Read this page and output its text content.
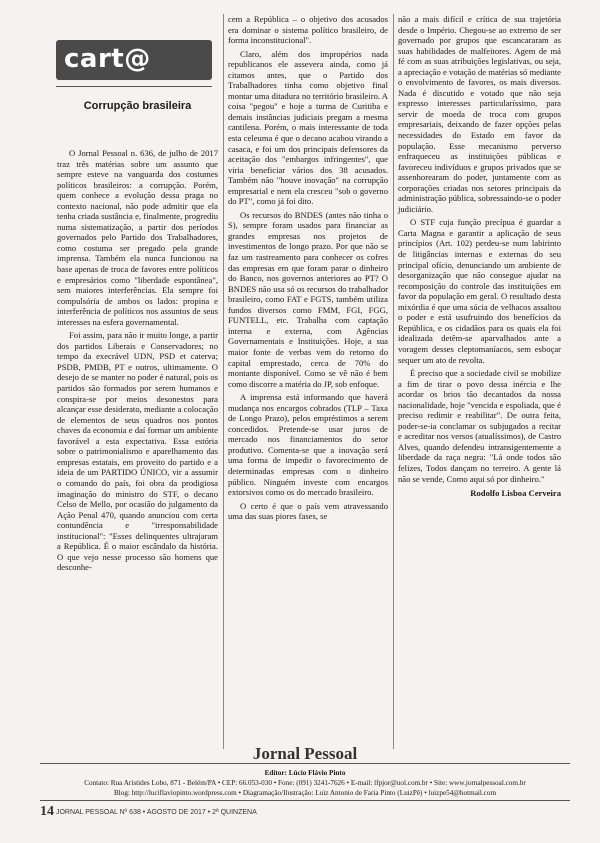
cart@
Corrupção brasileira

O Jornal Pessoal n. 636, de julho de 2017 traz três matérias sobre um assunto que sempre esteve na vanguarda dos costumes políticos brasileiros: a corrupção. Porém, quem conhece a evolução dessa praga no contexto nacional, não pode admitir que ela tenha criada sustância e, finalmente, progrediu numa sistematização, a partir dos períodos governados pelo Partido dos Trabalhadores, como costuma ser pregado pela grande imprensa. Também ela nunca funcionou na base apenas de troca de favores entre políticos e empresários como "liberdade espontânea", sem maiores interferências. Ela sempre foi compulsória de ambos os lados: propina e interferência de políticos nos assuntos de seus interesses na esfera governamental.

Foi assim, para não ir muito longe, a partir dos partidos Liberais e Conservadores; no tempo da execrável UDN, PSD et caterva; PSDB, PMDB, PT e outros, ultimamente. O desejo de se manter no poder é natural, pois os partidos são formados por serem humanos e conspira-se por meios desonestos para alcançar esse desiderato, mediante a colocação de elementos de seus quadros nos pontos chaves da economia e daí formar um ambiente favorável a esta expectativa. Essa estória sobre o patrimonialismo e aparelhamento das empresas estatais, em proveito do partido e a ideia de um PARTIDO ÚNICO, vir a assumir o comando do país, foi obra da prodigiosa imaginação do ministro do STF, o decano Celso de Mello, por ocasião do julgamento da Ação Penal 470, quando anunciou com certa contundência e "irresponsabilidade institucional": "Esses delinquentes ultrajaram a República. É o maior escândalo da história. O que vejo nesse processo são homens que desconhe-

cem a República – o objetivo dos acusados era dominar o sistema político brasileiro, de forma inconstitucional".

Claro, além dos impropérios nada republicanos ele assevera ainda, como já citamos antes, que o Partido dos Trabalhadores tinha como objetivo final montar uma ditadura no território brasileiro. A coisa "pegou" e hoje a turma de Curitiba e demais instâncias judiciais pregam a mesma cantilena. Porém, o mais interessante de toda esta celeuma é que o decano acabou virando a casaca, e foi um dos principais defensores da aceitação dos "embargos infringentes", que viria beneficiar vários dos 38 acusados. Também não "houve inovação" na corrupção empresarial e nem ela cresceu "sob o governo do PT", como já foi dito.

Os recursos do BNDES (antes não tinha o S), sempre foram usados para financiar as grandes empresas nos projetos de investimentos de longo prazo. Por que não se faz um rastreamento para conhecer os cofres das empresas em que foram parar o dinheiro do Banco, nos governos anteriores ao PT? O BNDES não usa só os recursos do trabalhador brasileiro, como FAT e FGTS, também utiliza fundos diversos como FMM, FGI, FGG, FUNTELL, etc. Trabalha com captação interna e externa, com Agências Governamentais e Instituições. Hoje, a sua maior fonte de verbas vem do retorno do capital emprestado, cerca de 70% do montante disponível. Como se vê não é bem como discorre a matéria do JP, sob enfoque.

A imprensa está informando que haverá mudança nos encargos cobrados (TLP – Taxa de Longo Prazo), pelos empréstimos a serem concedidos. Pretende-se usar juros de mercado nos financiamentos do setor produtivo. Comenta-se que a inovação será uma forma de impedir o favorecimento de determinadas empresas com o dinheiro público. Ninguém investe com encargos extorsivos como os do mercado brasileiro.

O certo é que o país vem atravessando uma das suas piores fases, se

não a mais difícil e crítica de sua trajetória desde o Império. Chegou-se ao extremo de ser governado por grupos que escancararam as suas habilidades de malfeitores. Agem de má fé com as suas atribuições legislativas, ou seja, a apreciação e votação de matérias só mediante o envolvimento de favores, os mais diversos. Nada é discutido e votado que não seja expresso interesses particularíssimo, para servir de moeda de troca com grupos empresariais, deixando de fazer opções pelas necessidades do Estado em favor da população. Esse mecanismo perverso enfraqueceu as instituições públicas e favoreceu indivíduos e grupos privados que se assenhorearam do poder, juntamente com as corporações criadas nos setores principais da administração pública, sobressaindo-se o poder judiciário.

O STF cuja função precípua é guardar a Carta Magna e garantir a aplicação de seus princípios (Art. 102) perdeu-se num labirinto de litigâncias internas e externas do seu principal ofício, denunciando um ambiente de desorganização que não consegue ajudar na recomposição do controle das instituições em favor da população em geral. O resultado desta mixórdia é que uma súcia de velhacos assaltou o poder e está usufruindo dos benefícios da República, e os cidadãos para os quais ela foi idealizada detêm-se aparvalhados ante a voragem desses cleptomaníacos, sem esboçar sequer um ato de revolta.

É preciso que a sociedade civil se mobilize a fim de tirar o povo dessa inércia e lhe acordar os brios tão decantados da nossa nacionalidade, hoje "vencida e espoliada, que é preciso redimir e reabilitar". De outra feita, poder-se-ia conclamar os subjugados a recitar e acreditar nos versos (atualíssimos), de Castro Alves, quando defendeu intransigentemente a liberdade da raça negra: "Lá onde todos são felizes, Todos dançam no terreiro. A gente lá não se vende, Como aqui só por dinheiro."

Rodolfo Lisboa Cerveira
Jornal Pessoal
Editor: Lúcio Flávio Pinto
Contato: Rua Aristides Lobo, 871 - Belém/PA • CEP: 66.053-030 • Fone: (091) 3241-7626 • E-mail: lfpjor@uol.com.br • Site: www.jornalpessoal.com.br
Blog: http://luciflaviopinto.wordpress.com • Diagramação/Ilustração: Luiz Antonio de Faria Pinto (LuizPê) • luizpe54@hotmail.com
14 JORNAL PESSOAL Nº 638 • AGOSTO DE 2017 • 2ª QUINZENA
